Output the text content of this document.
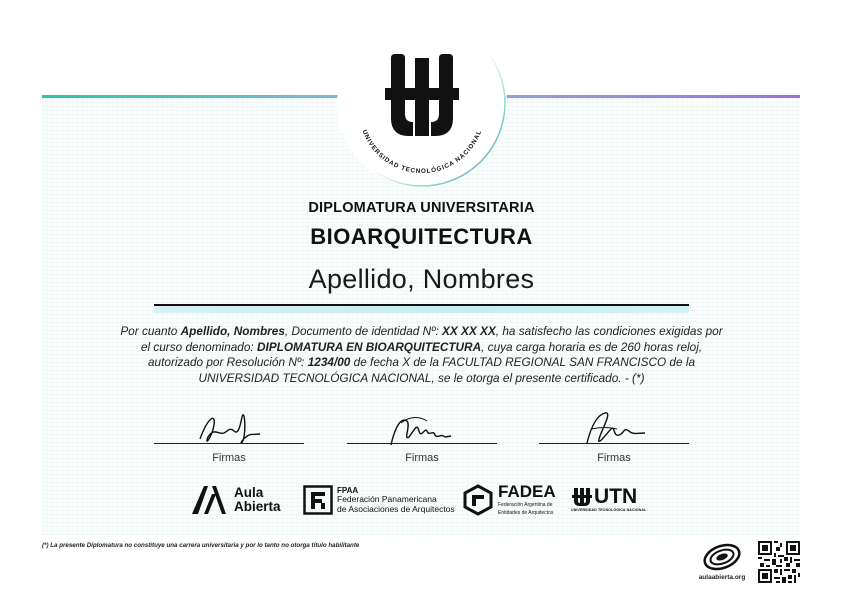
UNIVERSIDAD TECNOLÓGICA NACIONAL
DIPLOMATURA UNIVERSITARIA
BIOARQUITECTURA
Apellido, Nombres
Por cuanto Apellido, Nombres, Documento de identidad Nº: XX XX XX, ha satisfecho las condiciones exigidas por el curso denominado: DIPLOMATURA EN BIOARQUITECTURA, cuya carga horaria es de 260 horas reloj, autorizado por Resolución Nº: 1234/00 de fecha X de la FACULTAD REGIONAL SAN FRANCISCO de la UNIVERSIDAD TECNOLÓGICA NACIONAL, se le otorga el presente certificado. - (*)
Firmas	Firmas	Firmas
Aula
Abierta
FPAA
Federación Panamericana
de Asociaciones de Arquitectos
FADEA
Federación Argentina de
Entidades de Arquitectos
UTN
UNIVERSIDAD TECNOLÓGICA NACIONAL
(*) La presente Diplomatura no constituye una carrera universitaria y por lo tanto no otorga título habilitante
aulaabierta.org
